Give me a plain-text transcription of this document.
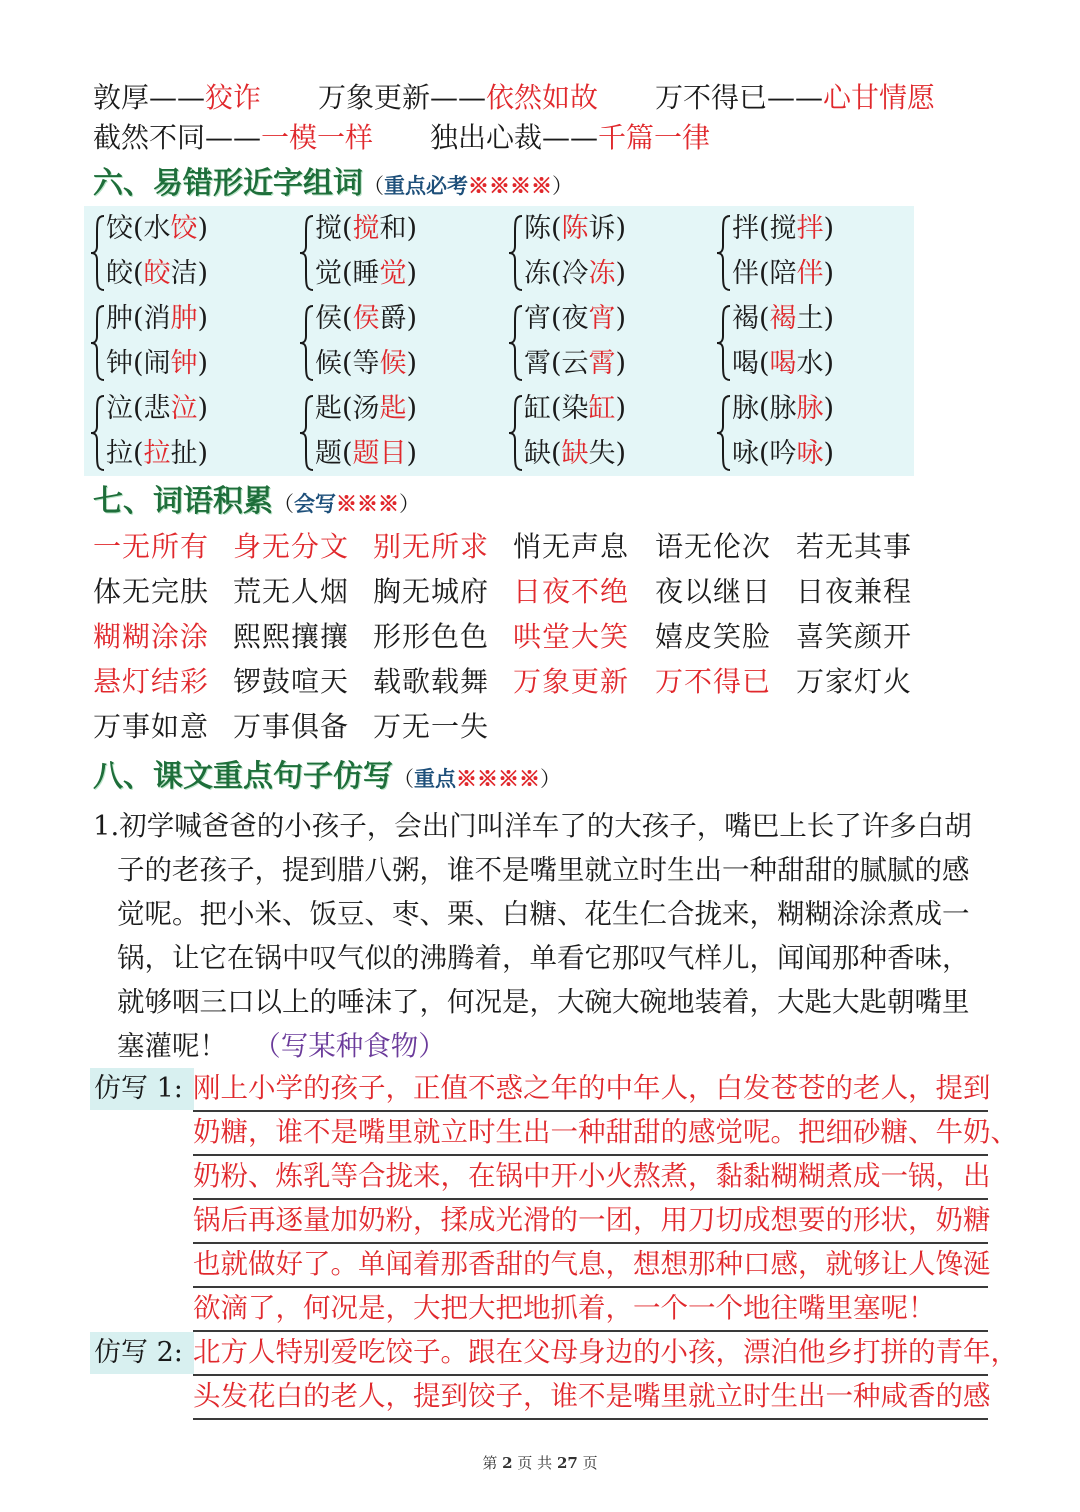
敦厚——狡诈 万象更新——依然如故 万不得已——心甘情愿
截然不同——一模一样 独出心裁——千篇一律
六、易错形近字组词（重点必考※※※※）
饺(水饺)
皎(皎洁)
搅(搅和)
觉(睡觉)
陈(陈诉)
冻(冷冻)
拌(搅拌)
伴(陪伴)
肿(消肿)
钟(闹钟)
侯(侯爵)
候(等候)
宵(夜宵)
霄(云霄)
褐(褐土)
喝(喝水)
泣(悲泣)
拉(拉扯)
匙(汤匙)
题(题目)
缸(染缸)
缺(缺失)
脉(脉脉)
咏(吟咏)
七、词语积累（会写※※※）
一无所有 身无分文 别无所求 悄无声息 语无伦次 若无其事
体无完肤 荒无人烟 胸无城府 日夜不绝 夜以继日 日夜兼程
糊糊涂涂 熙熙攘攘 形形色色 哄堂大笑 嬉皮笑脸 喜笑颜开
悬灯结彩 锣鼓喧天 载歌载舞 万象更新 万不得已 万家灯火
万事如意 万事俱备 万无一失
八、课文重点句子仿写（重点※※※※）

1.初学喊爸爸的小孩子，会出门叫洋车了的大孩子，嘴巴上长了许多白胡子的老孩子，提到腊八粥，谁不是嘴里就立时生出一种甜甜的腻腻的感觉呢。把小米、饭豆、枣、栗、白糖、花生仁合拢来，糊糊涂涂煮成一锅，让它在锅中叹气似的沸腾着，单看它那叹气样儿，闻闻那种香味，就够咽三口以上的唾沫了，何况是，大碗大碗地装着，大匙大匙朝嘴里塞灌呢！ （写某种食物）

仿写 1: 刚上小学的孩子，正值不惑之年的中年人，白发苍苍的老人，提到
奶糖，谁不是嘴里就立时生出一种甜甜的感觉呢。把细砂糖、牛奶、
奶粉、炼乳等合拢来，在锅中开小火熬煮，黏黏糊糊煮成一锅，出
锅后再逐量加奶粉，揉成光滑的一团，用刀切成想要的形状，奶糖
也就做好了。单闻着那香甜的气息，想想那种口感，就够让人馋涎
欲滴了，何况是，大把大把地抓着，一个一个地往嘴里塞呢！
仿写 2: 北方人特别爱吃饺子。跟在父母身边的小孩，漂泊他乡打拼的青年，
头发花白的老人，提到饺子，谁不是嘴里就立时生出一种咸香的感
第 2 页 共 27 页
